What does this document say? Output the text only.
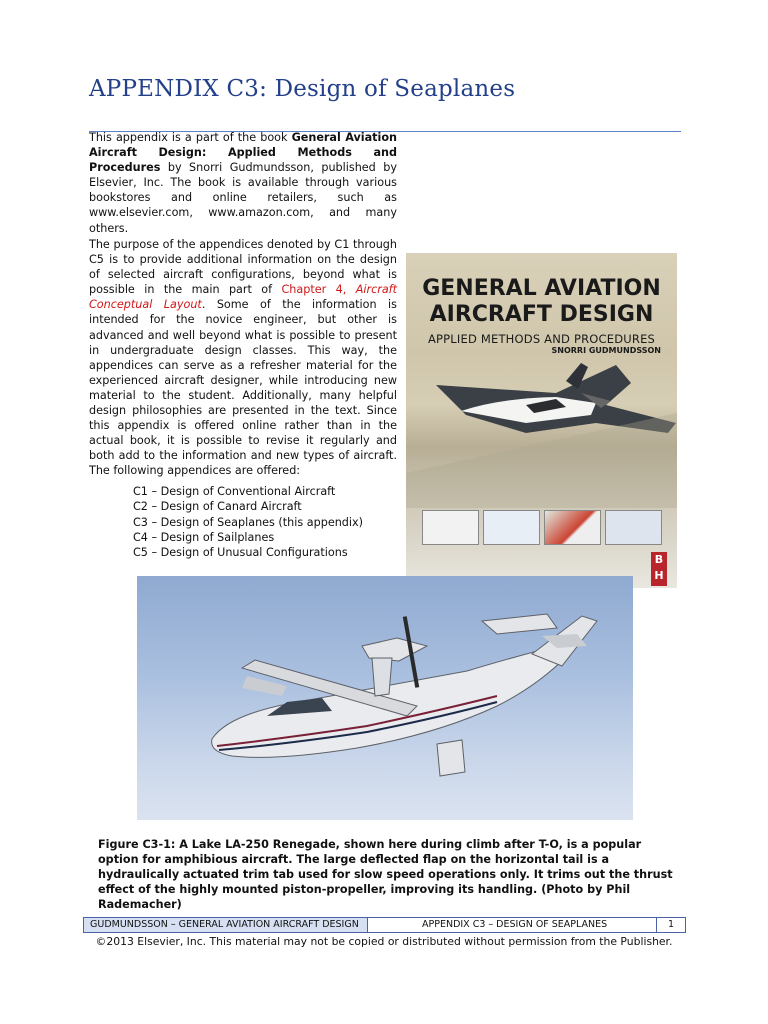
APPENDIX C3: Design of Seaplanes
This appendix is a part of the book General Aviation Aircraft Design: Applied Methods and Procedures by Snorri Gudmundsson, published by Elsevier, Inc. The book is available through various bookstores and online retailers, such as www.elsevier.com, www.amazon.com, and many others.
The purpose of the appendices denoted by C1 through C5 is to provide additional information on the design of selected aircraft configurations, beyond what is possible in the main part of Chapter 4, Aircraft Conceptual Layout. Some of the information is intended for the novice engineer, but other is advanced and well beyond what is possible to present in undergraduate design classes. This way, the appendices can serve as a refresher material for the experienced aircraft designer, while introducing new material to the student. Additionally, many helpful design philosophies are presented in the text. Since this appendix is offered online rather than in the actual book, it is possible to revise it regularly and both add to the information and new types of aircraft. The following appendices are offered:
C1 – Design of Conventional Aircraft
C2 – Design of Canard Aircraft
C3 – Design of Seaplanes (this appendix)
C4 – Design of Sailplanes
C5 – Design of Unusual Configurations
GENERAL AVIATION
AIRCRAFT DESIGN
APPLIED METHODS AND PROCEDURES
SNORRI GUDMUNDSSON
B
H
Figure C3-1: A Lake LA-250 Renegade, shown here during climb after T-O, is a popular option for amphibious aircraft. The large deflected flap on the horizontal tail is a hydraulically actuated trim tab used for slow speed operations only. It trims out the thrust effect of the highly mounted piston-propeller, improving its handling. (Photo by Phil Rademacher)
GUDMUNDSSON – GENERAL AVIATION AIRCRAFT DESIGN	APPENDIX C3 – DESIGN OF SEAPLANES	1
©2013 Elsevier, Inc. This material may not be copied or distributed without permission from the Publisher.
